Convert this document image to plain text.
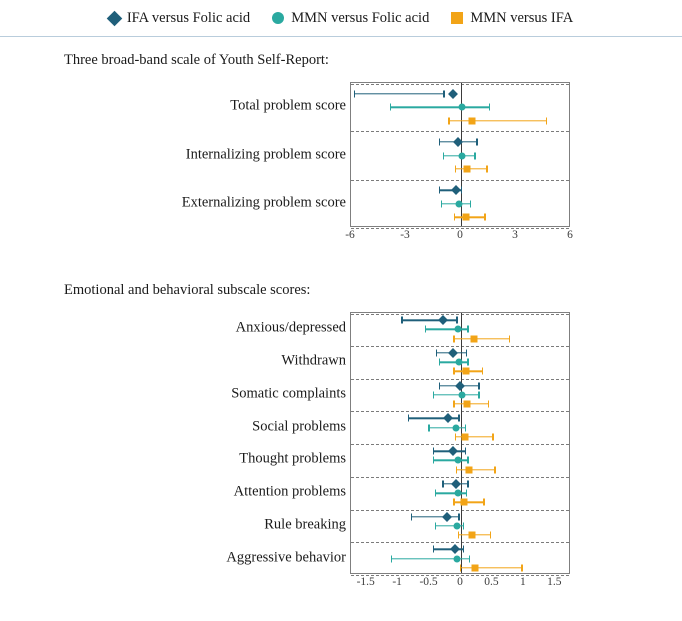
IFA versus Folic acid	MMN versus Folic acid	MMN versus IFA
Three broad-band scale of Youth Self-Report:
Emotional and behavioral subscale scores:
Total problem score
Internalizing problem score
Externalizing problem score
-6	-3	0	3	6
Anxious/depressed
Withdrawn
Somatic complaints
Social problems
Thought problems
Attention problems
Rule breaking
Aggressive behavior
-1.5 -1 -0.5 0 0.5 1 1.5
